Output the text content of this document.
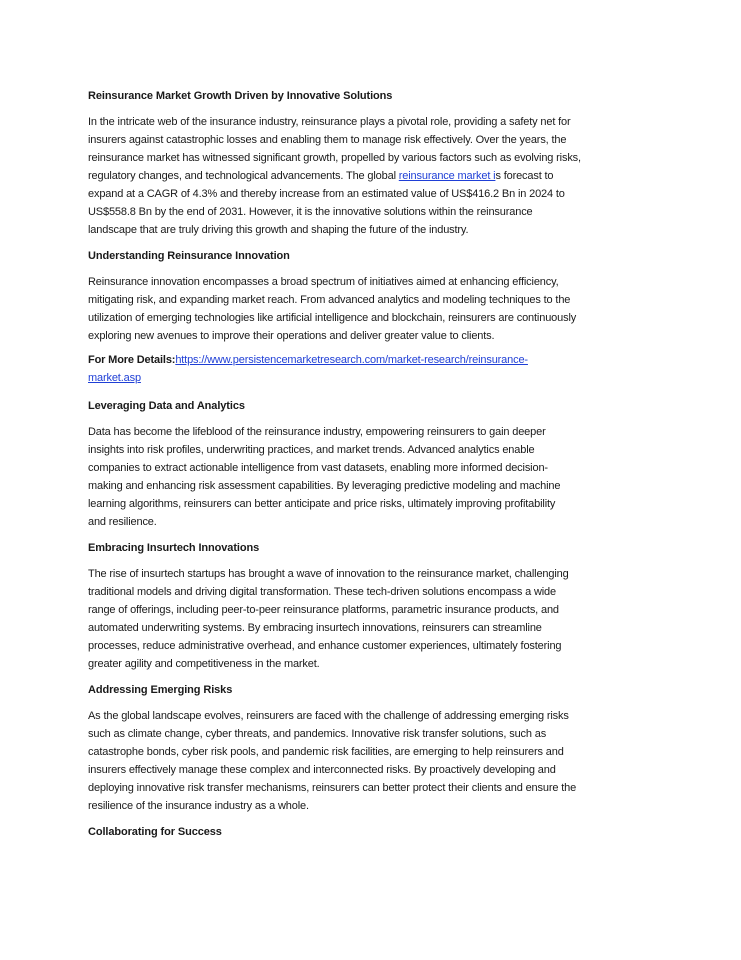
Reinsurance Market Growth Driven by Innovative Solutions
In the intricate web of the insurance industry, reinsurance plays a pivotal role, providing a safety net for
insurers against catastrophic losses and enabling them to manage risk effectively. Over the years, the
reinsurance market has witnessed significant growth, propelled by various factors such as evolving risks,
regulatory changes, and technological advancements. The global reinsurance market is forecast to
expand at a CAGR of 4.3% and thereby increase from an estimated value of US$416.2 Bn in 2024 to
US$558.8 Bn by the end of 2031. However, it is the innovative solutions within the reinsurance
landscape that are truly driving this growth and shaping the future of the industry.
Understanding Reinsurance Innovation
Reinsurance innovation encompasses a broad spectrum of initiatives aimed at enhancing efficiency,
mitigating risk, and expanding market reach. From advanced analytics and modeling techniques to the
utilization of emerging technologies like artificial intelligence and blockchain, reinsurers are continuously
exploring new avenues to improve their operations and deliver greater value to clients.
For More Details:https://www.persistencemarketresearch.com/market-research/reinsurance-
market.asp
Leveraging Data and Analytics
Data has become the lifeblood of the reinsurance industry, empowering reinsurers to gain deeper
insights into risk profiles, underwriting practices, and market trends. Advanced analytics enable
companies to extract actionable intelligence from vast datasets, enabling more informed decision-
making and enhancing risk assessment capabilities. By leveraging predictive modeling and machine
learning algorithms, reinsurers can better anticipate and price risks, ultimately improving profitability
and resilience.
Embracing Insurtech Innovations
The rise of insurtech startups has brought a wave of innovation to the reinsurance market, challenging
traditional models and driving digital transformation. These tech-driven solutions encompass a wide
range of offerings, including peer-to-peer reinsurance platforms, parametric insurance products, and
automated underwriting systems. By embracing insurtech innovations, reinsurers can streamline
processes, reduce administrative overhead, and enhance customer experiences, ultimately fostering
greater agility and competitiveness in the market.
Addressing Emerging Risks
As the global landscape evolves, reinsurers are faced with the challenge of addressing emerging risks
such as climate change, cyber threats, and pandemics. Innovative risk transfer solutions, such as
catastrophe bonds, cyber risk pools, and pandemic risk facilities, are emerging to help reinsurers and
insurers effectively manage these complex and interconnected risks. By proactively developing and
deploying innovative risk transfer mechanisms, reinsurers can better protect their clients and ensure the
resilience of the insurance industry as a whole.
Collaborating for Success
